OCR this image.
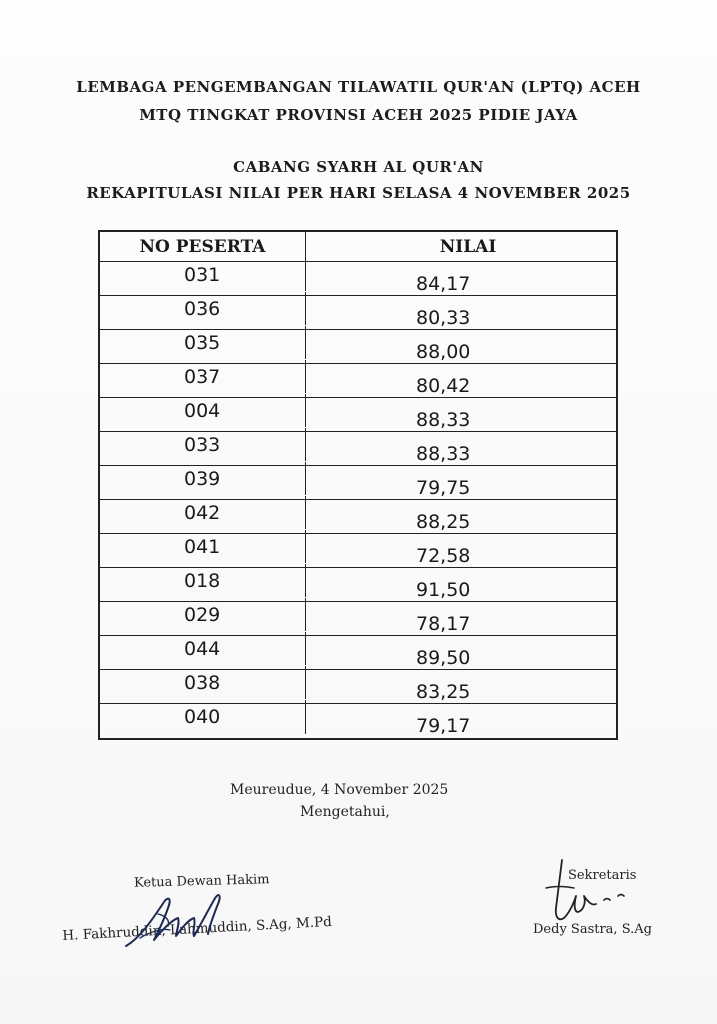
LEMBAGA PENGEMBANGAN TILAWATIL QUR'AN (LPTQ) ACEH
MTQ TINGKAT PROVINSI ACEH 2025 PIDIE JAYA
CABANG SYARH AL QUR'AN
REKAPITULASI NILAI PER HARI SELASA 4 NOVEMBER 2025
NO PESERTA	NILAI
031	84,17
036	80,33
035	88,00
037	80,42
004	88,33
033	88,33
039	79,75
042	88,25
041	72,58
018	91,50
029	78,17
044	89,50
038	83,25
040	79,17
Meureudue, 4 November 2025
Mengetahui,
Ketua Dewan Hakim
H. Fakhruddin, Lahmuddin, S.Ag, M.Pd
Sekretaris
Dedy Sastra, S.Ag
